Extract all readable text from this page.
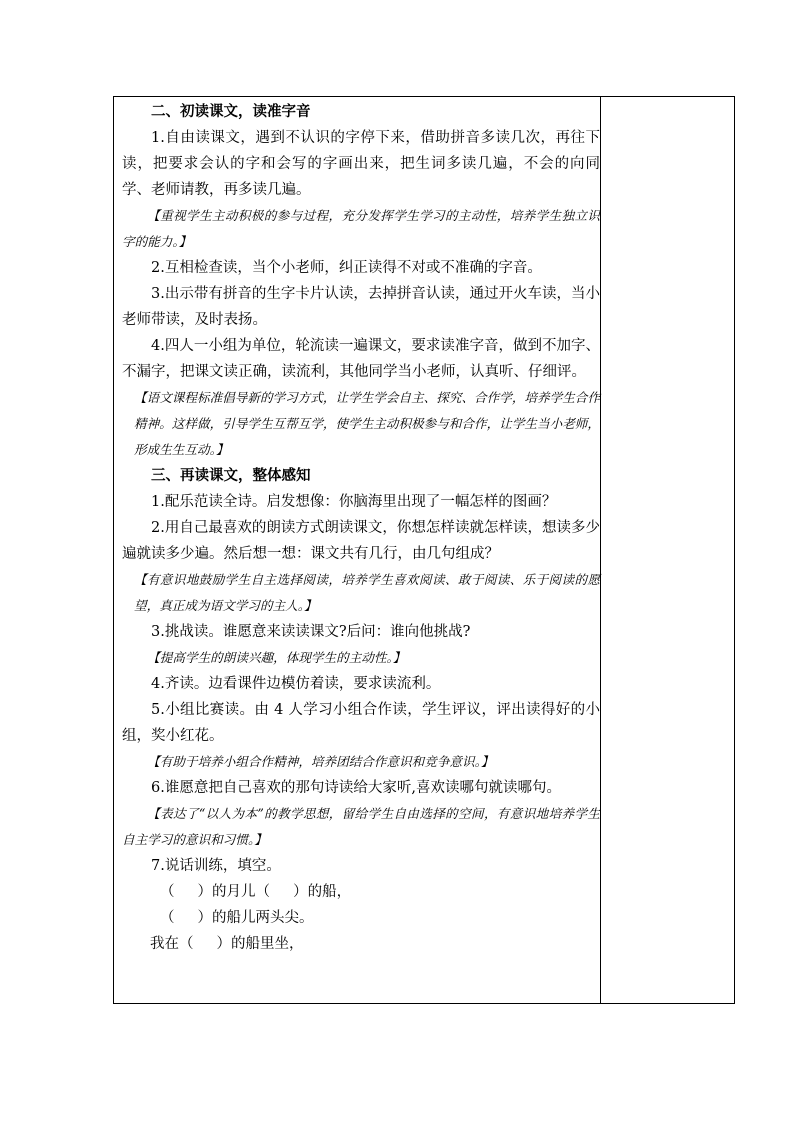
二、初读课文，读准字音

1.自由读课文，遇到不认识的字停下来，借助拼音多读几次，再往下读，把要求会认的字和会写的字画出来，把生词多读几遍，不会的向同学、老师请教，再多读几遍。

【重视学生主动积极的参与过程，充分发挥学生学习的主动性，培养学生独立识字的能力。】

2.互相检查读，当个小老师，纠正读得不对或不准确的字音。

3.出示带有拼音的生字卡片认读，去掉拼音认读，通过开火车读，当小老师带读，及时表扬。

4.四人一小组为单位，轮流读一遍课文，要求读准字音，做到不加字、不漏字，把课文读正确，读流利，其他同学当小老师，认真听、仔细评。

【语文课程标准倡导新的学习方式，让学生学会自主、探究、合作学，培养学生合作精神。这样做，引导学生互帮互学，使学生主动积极参与和合作，让学生当小老师，形成生生互动。】

三、再读课文，整体感知

1.配乐范读全诗。启发想像：你脑海里出现了一幅怎样的图画？

2.用自己最喜欢的朗读方式朗读课文，你想怎样读就怎样读，想读多少遍就读多少遍。然后想一想：课文共有几行，由几句组成？

【有意识地鼓励学生自主选择阅读，培养学生喜欢阅读、敢于阅读、乐于阅读的愿望，真正成为语文学习的主人。】

3.挑战读。谁愿意来读读课文?后问：谁向他挑战?

【提高学生的朗读兴趣，体现学生的主动性。】

4.齐读。边看课件边模仿着读，要求读流利。

5.小组比赛读。由 4 人学习小组合作读，学生评议，评出读得好的小组，奖小红花。

【有助于培养小组合作精神，培养团结合作意识和竞争意识。】

6.谁愿意把自己喜欢的那句诗读给大家听,喜欢读哪句就读哪句。

【表达了“以人为本”的教学思想，留给学生自由选择的空间，有意识地培养学生自主学习的意识和习惯。】

7.说话训练，填空。

（     ）的月儿（     ）的船，

（     ）的船儿两头尖。

我在（     ）的船里坐，
